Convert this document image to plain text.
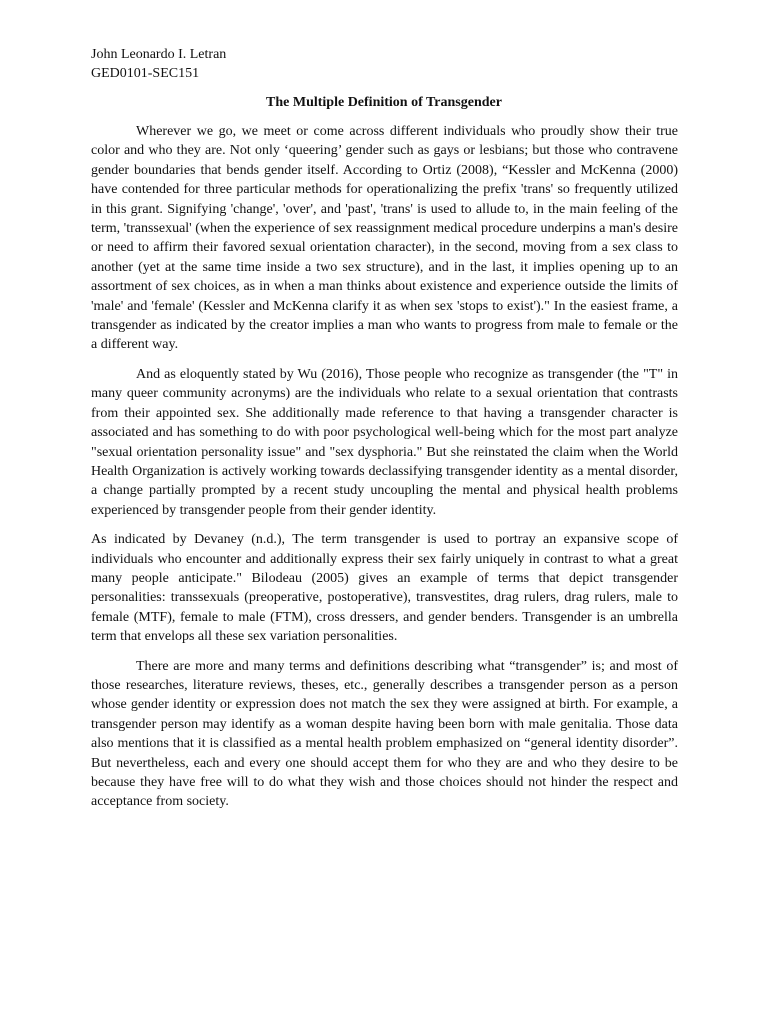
John Leonardo I. Letran
GED0101-SEC151
The Multiple Definition of Transgender

Wherever we go, we meet or come across different individuals who proudly show their true color and who they are. Not only ‘queering’ gender such as gays or lesbians; but those who contravene gender boundaries that bends gender itself. According to Ortiz (2008), “Kessler and McKenna (2000) have contended for three particular methods for operationalizing the prefix 'trans' so frequently utilized in this grant. Signifying 'change', 'over', and 'past', 'trans' is used to allude to, in the main feeling of the term, 'transsexual' (when the experience of sex reassignment medical procedure underpins a man's desire or need to affirm their favored sexual orientation character), in the second, moving from a sex class to another (yet at the same time inside a two sex structure), and in the last, it implies opening up to an assortment of sex choices, as in when a man thinks about existence and experience outside the limits of 'male' and 'female' (Kessler and McKenna clarify it as when sex 'stops to exist')." In the easiest frame, a transgender as indicated by the creator implies a man who wants to progress from male to female or the a different way.

And as eloquently stated by Wu (2016), Those people who recognize as transgender (the "T" in many queer community acronyms) are the individuals who relate to a sexual orientation that contrasts from their appointed sex. She additionally made reference to that having a transgender character is associated and has something to do with poor psychological well-being which for the most part analyze "sexual orientation personality issue" and "sex dysphoria." But she reinstated the claim when the World Health Organization is actively working towards declassifying transgender identity as a mental disorder, a change partially prompted by a recent study uncoupling the mental and physical health problems experienced by transgender people from their gender identity.

As indicated by Devaney (n.d.), The term transgender is used to portray an expansive scope of individuals who encounter and additionally express their sex fairly uniquely in contrast to what a great many people anticipate." Bilodeau (2005) gives an example of terms that depict transgender personalities: transsexuals (preoperative, postoperative), transvestites, drag rulers, drag rulers, male to female (MTF), female to male (FTM), cross dressers, and gender benders. Transgender is an umbrella term that envelops all these sex variation personalities.

There are more and many terms and definitions describing what “transgender” is; and most of those researches, literature reviews, theses, etc., generally describes a transgender person as a person whose gender identity or expression does not match the sex they were assigned at birth. For example, a transgender person may identify as a woman despite having been born with male genitalia. Those data also mentions that it is classified as a mental health problem emphasized on “general identity disorder”. But nevertheless, each and every one should accept them for who they are and who they desire to be because they have free will to do what they wish and those choices should not hinder the respect and acceptance from society.
